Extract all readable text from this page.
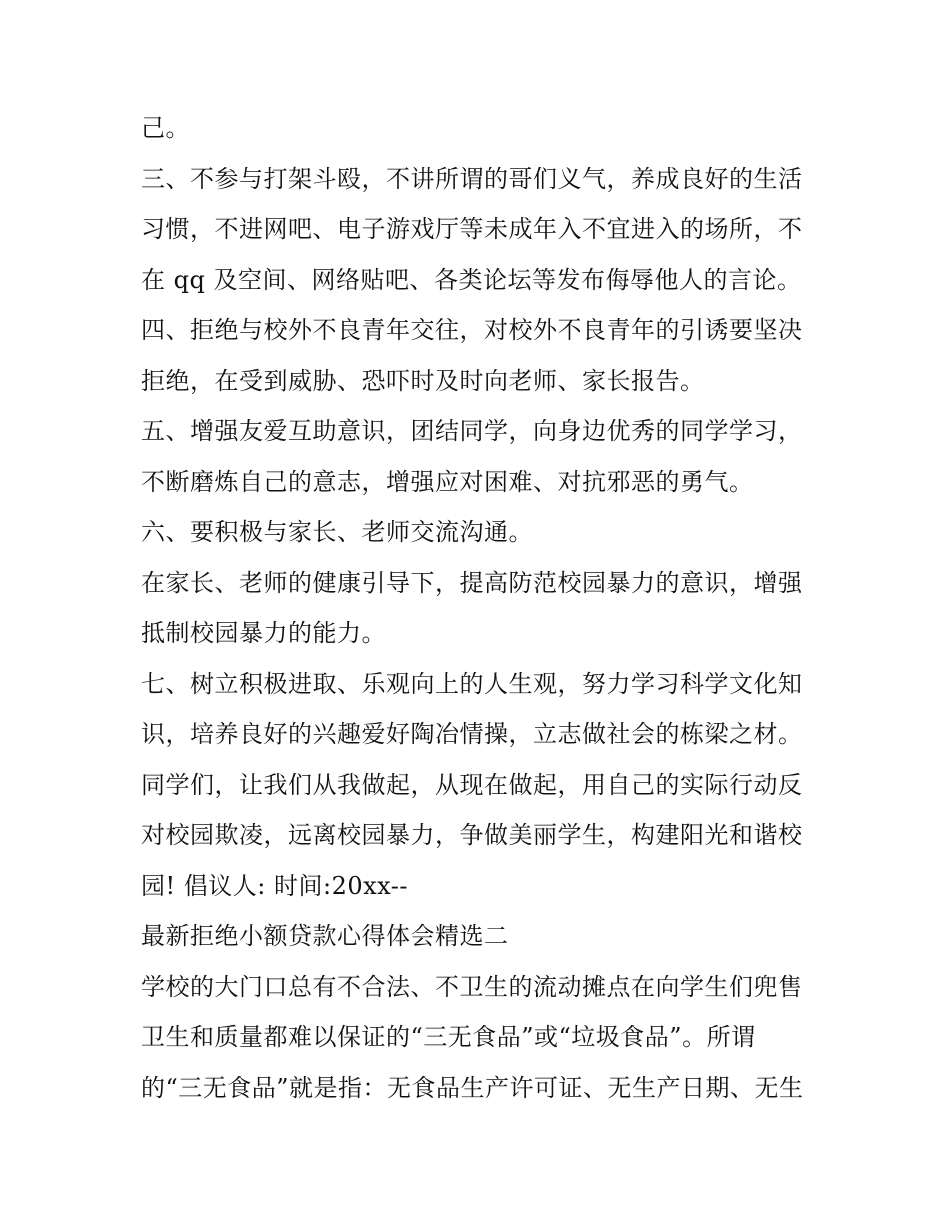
己。

三、不参与打架斗殴，不讲所谓的哥们义气，养成良好的生活

习惯，不进网吧、电子游戏厅等未成年入不宜进入的场所，不

在 qq 及空间、网络贴吧、各类论坛等发布侮辱他人的言论。

四、拒绝与校外不良青年交往，对校外不良青年的引诱要坚决

拒绝，在受到威胁、恐吓时及时向老师、家长报告。

五、增强友爱互助意识，团结同学，向身边优秀的同学学习，

不断磨炼自己的意志，增强应对困难、对抗邪恶的勇气。

六、要积极与家长、老师交流沟通。

在家长、老师的健康引导下，提高防范校园暴力的意识，增强

抵制校园暴力的能力。

七、树立积极进取、乐观向上的人生观，努力学习科学文化知

识，培养良好的兴趣爱好陶冶情操，立志做社会的栋梁之材。

同学们，让我们从我做起，从现在做起，用自己的实际行动反

对校园欺凌，远离校园暴力，争做美丽学生，构建阳光和谐校

园! 倡议人: 时间:20xx--

最新拒绝小额贷款心得体会精选二

学校的大门口总有不合法、不卫生的流动摊点在向学生们兜售

卫生和质量都难以保证的“三无食品”或“垃圾食品”。所谓

的“三无食品”就是指：无食品生产许可证、无生产日期、无生
